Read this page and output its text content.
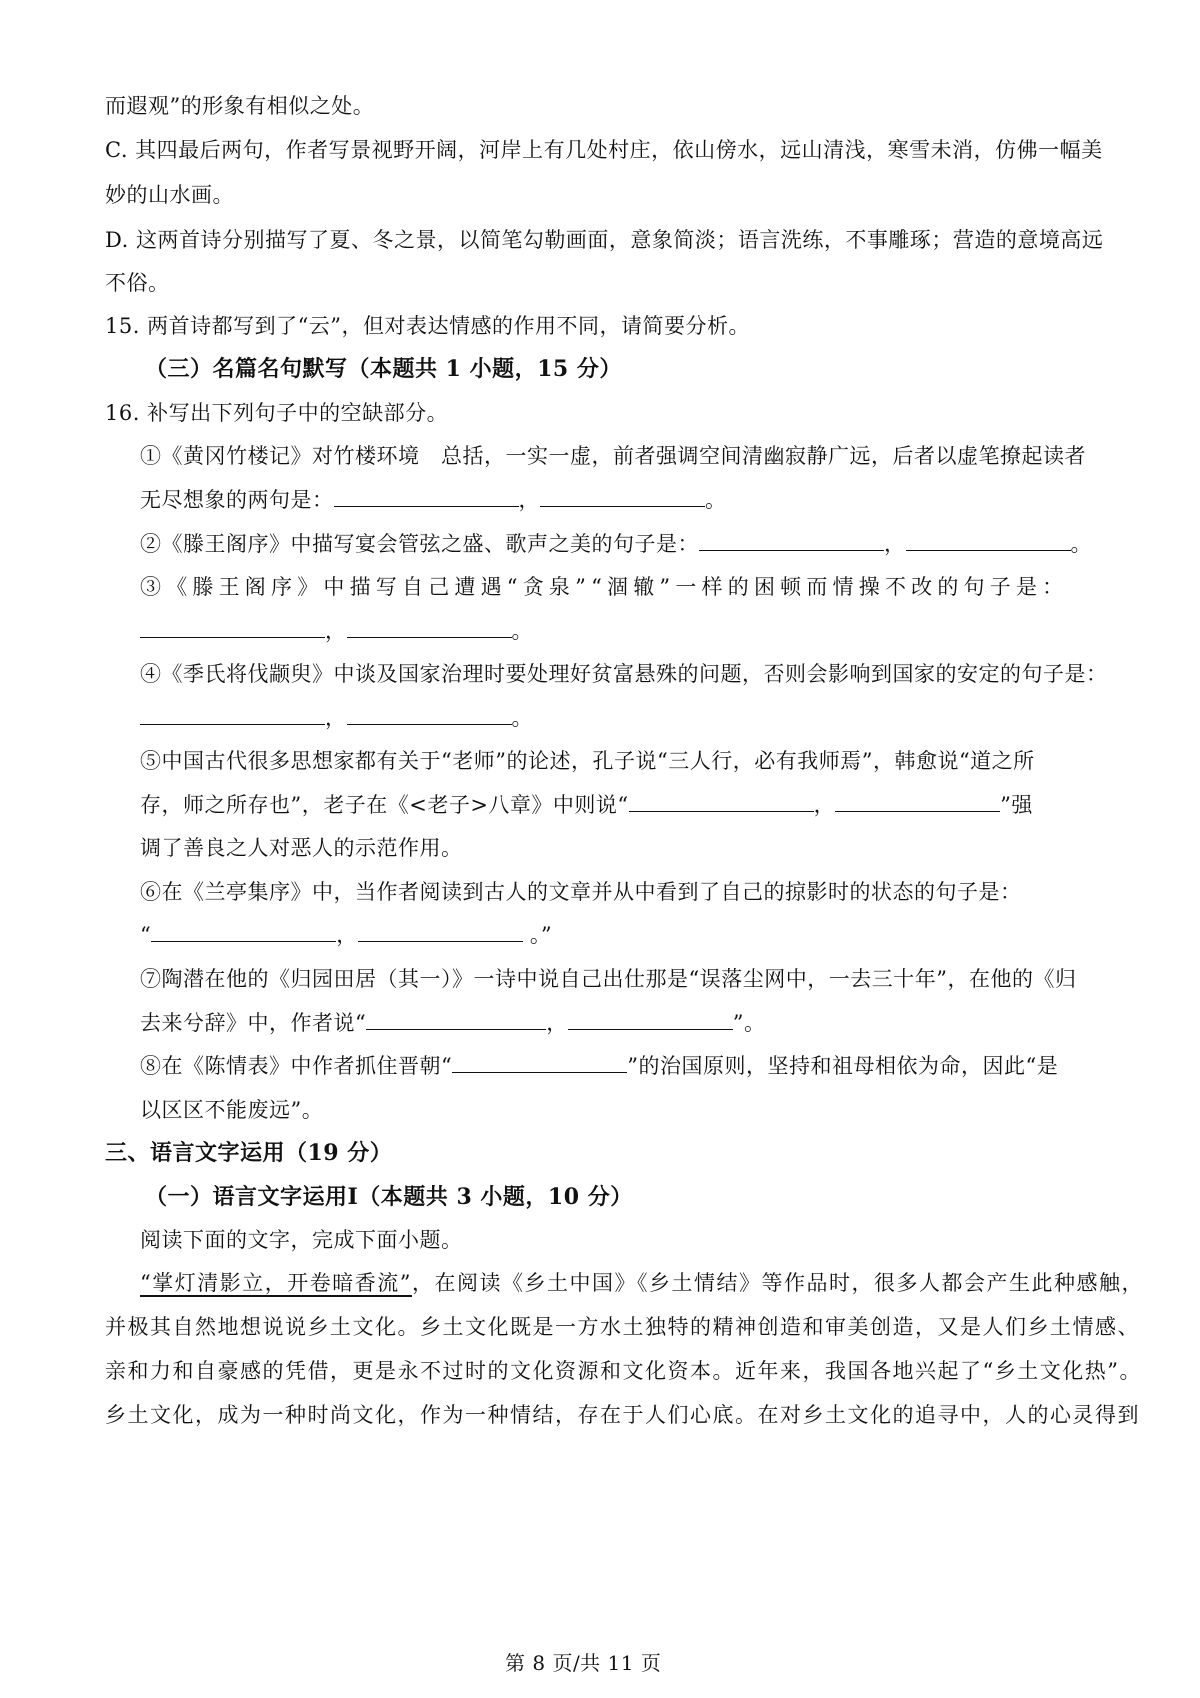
而遐观”的形象有相似之处。
C. 其四最后两句，作者写景视野开阔，河岸上有几处村庄，依山傍水，远山清浅，寒雪未消，仿佛一幅美
妙的山水画。
D. 这两首诗分别描写了夏、冬之景，以简笔勾勒画面，意象简淡；语言洗练，不事雕琢；营造的意境高远
不俗。
15. 两首诗都写到了“云”，但对表达情感的作用不同，请简要分析。
（三）名篇名句默写（本题共 1 小题，15 分）
16. 补写出下列句子中的空缺部分。
①《黄冈竹楼记》对竹楼环境　总括，一实一虚，前者强调空间清幽寂静广远，后者以虚笔撩起读者
无尽想象的两句是：	，	。
②《滕王阁序》中描写宴会管弦之盛、歌声之美的句子是：	，	。
③《滕王阁序》中描写自己遭遇“贪泉”“涸辙”一样的困顿而情操不改的句子是：
，	。
④《季氏将伐颛臾》中谈及国家治理时要处理好贫富悬殊的问题，否则会影响到国家的安定的句子是：
，	。
⑤中国古代很多思想家都有关于“老师”的论述，孔子说“三人行，必有我师焉”，韩愈说“道之所
存，师之所存也”，老子在《<老子>八章》中则说“	，	”强
调了善良之人对恶人的示范作用。
⑥在《兰亭集序》中，当作者阅读到古人的文章并从中看到了自己的掠影时的状态的句子是：
“	，	。”
⑦陶潜在他的《归园田居（其一）》一诗中说自己出仕那是“误落尘网中，一去三十年”，在他的《归
去来兮辞》中，作者说“	，	”。
⑧在《陈情表》中作者抓住晋朝“	”的治国原则，坚持和祖母相依为命，因此“是
以区区不能废远”。
三、语言文字运用（19 分）
（一）语言文字运用Ⅰ（本题共 3 小题，10 分）
阅读下面的文字，完成下面小题。
“掌灯清影立，开卷暗香流”，在阅读《乡土中国》《乡土情结》等作品时，很多人都会产生此种感触，
并极其自然地想说说乡土文化。乡土文化既是一方水土独特的精神创造和审美创造，又是人们乡土情感、
亲和力和自豪感的凭借，更是永不过时的文化资源和文化资本。近年来，我国各地兴起了“乡土文化热”。
乡土文化，成为一种时尚文化，作为一种情结，存在于人们心底。在对乡土文化的追寻中，人的心灵得到
第 8 页/共 11 页
